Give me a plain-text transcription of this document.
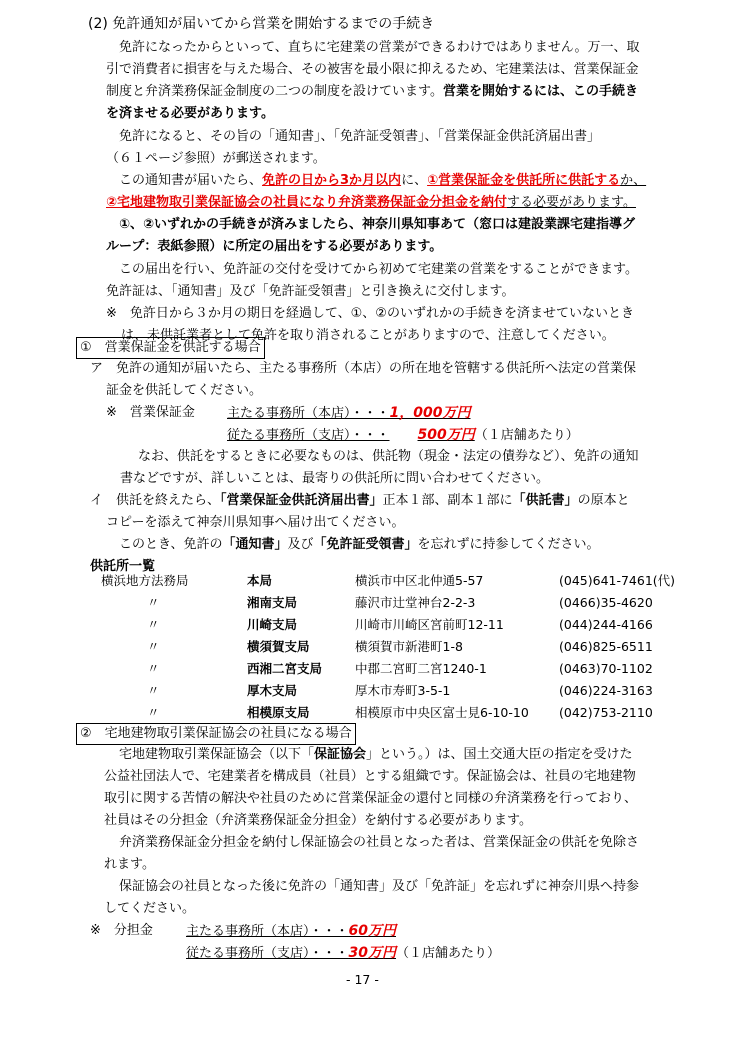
(2) 免許通知が届いてから営業を開始するまでの手続き
免許になったからといって、直ちに宅建業の営業ができるわけではありません。万一、取
引で消費者に損害を与えた場合、その被害を最小限に抑えるため、宅建業法は、営業保証金
制度と弁済業務保証金制度の二つの制度を設けています。営業を開始するには、この手続き
を済ませる必要があります。
免許になると、その旨の「通知書」、「免許証受領書」、「営業保証金供託済届出書」
（６１ページ参照）が郵送されます。
この通知書が届いたら、免許の日から3か月以内に、①営業保証金を供託所に供託するか、
②宅地建物取引業保証協会の社員になり弁済業務保証金分担金を納付する必要があります。
①、②いずれかの手続きが済みましたら、神奈川県知事あて（窓口は建設業課宅建指導グ
ループ：表紙参照）に所定の届出をする必要があります。
この届出を行い、免許証の交付を受けてから初めて宅建業の営業をすることができます。
免許証は、「通知書」及び「免許証受領書」と引き換えに交付します。
※　免許日から３か月の期日を経過して、①、②のいずれかの手続きを済ませていないとき
は、未供託業者として免許を取り消されることがありますので、注意してください。
①　営業保証金を供託する場合
ア　免許の通知が届いたら、主たる事務所（本店）の所在地を管轄する供託所へ法定の営業保
証金を供託してください。
※　営業保証金 主たる事務所（本店）・・・1，000万円
従たる事務所（支店）・・・ 500万円（１店舗あたり）
なお、供託をするときに必要なものは、供託物（現金・法定の債券など）、免許の通知
書などですが、詳しいことは、最寄りの供託所に問い合わせてください。
イ　供託を終えたら、「営業保証金供託済届出書」正本１部、副本１部に「供託書」の原本と
コピーを添えて神奈川県知事へ届け出てください。
このとき、免許の「通知書」及び「免許証受領書」を忘れずに持参してください。
供託所一覧
横浜地方法務局	本局	横浜市中区北仲通5-57	(045)641-7461(代)
〃	湘南支局	藤沢市辻堂神台2-2-3	(0466)35-4620
〃	川崎支局	川崎市川崎区宮前町12-11	(044)244-4166
〃	横須賀支局	横須賀市新港町1-8	(046)825-6511
〃	西湘二宮支局	中郡二宮町二宮1240-1	(0463)70-1102
〃	厚木支局	厚木市寿町3-5-1	(046)224-3163
〃	相模原支局	相模原市中央区富士見6-10-10	(042)753-2110
②　宅地建物取引業保証協会の社員になる場合
宅地建物取引業保証協会（以下「保証協会」という。）は、国土交通大臣の指定を受けた
公益社団法人で、宅建業者を構成員（社員）とする組織です。保証協会は、社員の宅地建物
取引に関する苦情の解決や社員のために営業保証金の還付と同様の弁済業務を行っており、
社員はその分担金（弁済業務保証金分担金）を納付する必要があります。
弁済業務保証金分担金を納付し保証協会の社員となった者は、営業保証金の供託を免除さ
れます。
保証協会の社員となった後に免許の「通知書」及び「免許証」を忘れずに神奈川県へ持参
してください。
※　分担金	主たる事務所（本店）・・・60万円
従たる事務所（支店）・・・30万円（１店舗あたり）
- 17 -
